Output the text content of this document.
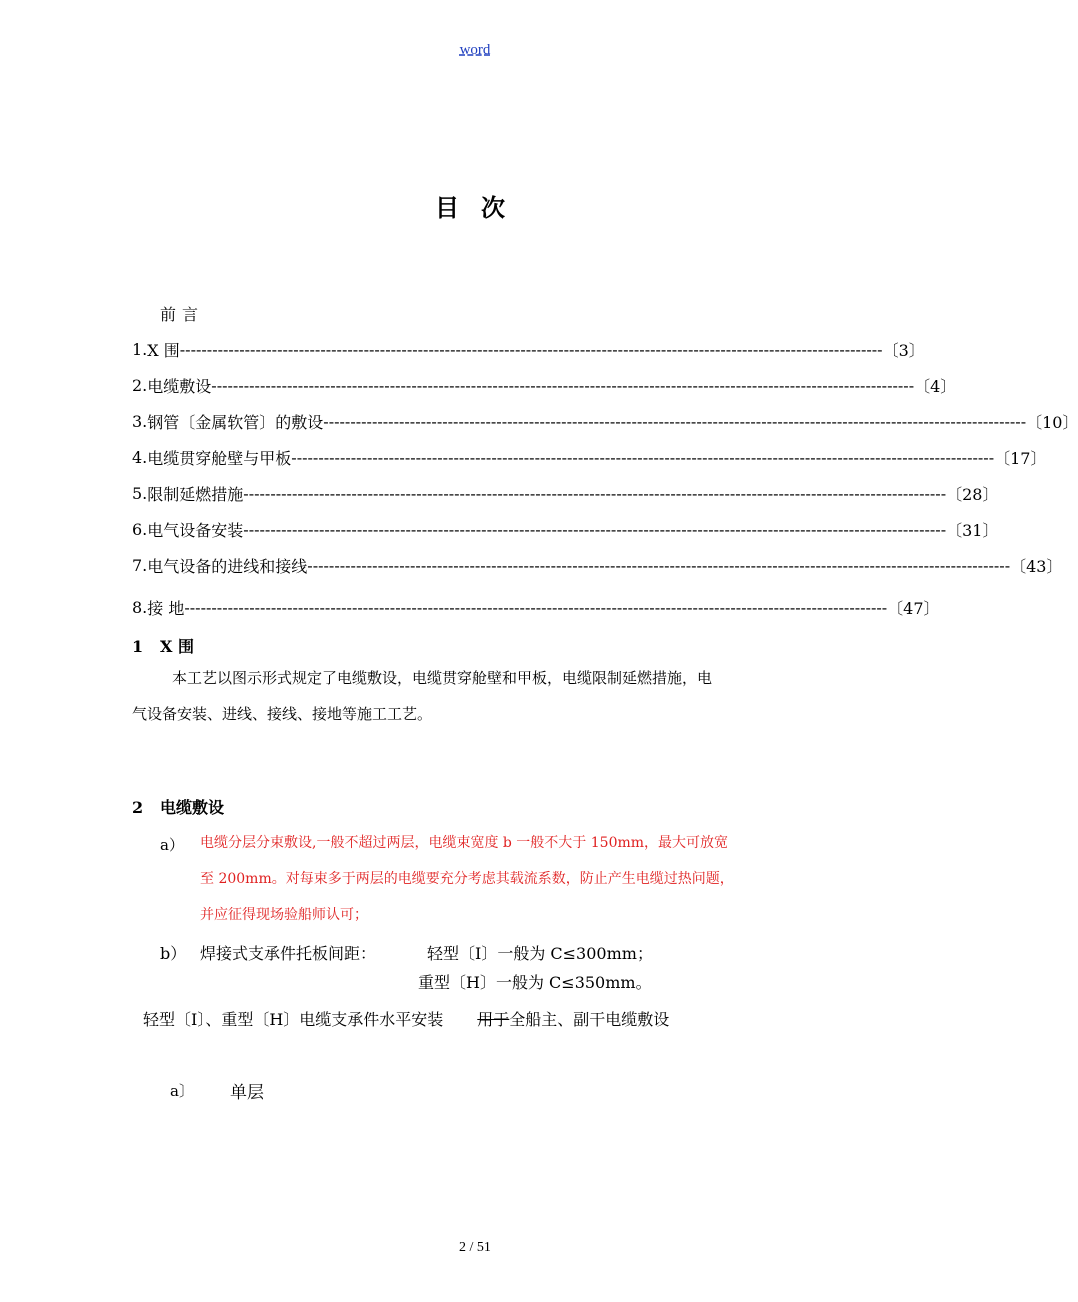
word
目次
前言
1. X 围 ---------------------------------------------------------------------------------------------------------------------------------- 〔3〕
2. 电缆敷设 ---------------------------------------------------------------------------------------------------------------------------------- 〔4〕
3. 钢管〔金属软管〕的敷设 ---------------------------------------------------------------------------------------------------------------------------------- 〔10〕
4. 电缆贯穿舱壁与甲板 ---------------------------------------------------------------------------------------------------------------------------------- 〔17〕
5. 限制延燃措施 ---------------------------------------------------------------------------------------------------------------------------------- 〔28〕
6. 电气设备安装 ---------------------------------------------------------------------------------------------------------------------------------- 〔31〕
7. 电气设备的进线和接线 ---------------------------------------------------------------------------------------------------------------------------------- 〔43〕
8. 接 地 ---------------------------------------------------------------------------------------------------------------------------------- 〔47〕
1 X 围
本工艺以图示形式规定了电缆敷设，电缆贯穿舱壁和甲板，电缆限制延燃措施，电
气设备安装、进线、接线、接地等施工工艺。
2 电缆敷设
a） 电缆分层分束敷设,一般不超过两层，电缆束宽度 b 一般不大于 150mm，最大可放宽
至 200mm。对每束多于两层的电缆要充分考虑其载流系数，防止产生电缆过热问题，
并应征得现场验船师认可；
b） 焊接式支承件托板间距：	轻型〔I〕一般为 C≤300mm；
重型〔H〕一般为 C≤350mm。
轻型〔I〕、重型〔H〕电缆支承件水平安装 用于全船主、副干电缆敷设
a〕 单层
2 / 51
